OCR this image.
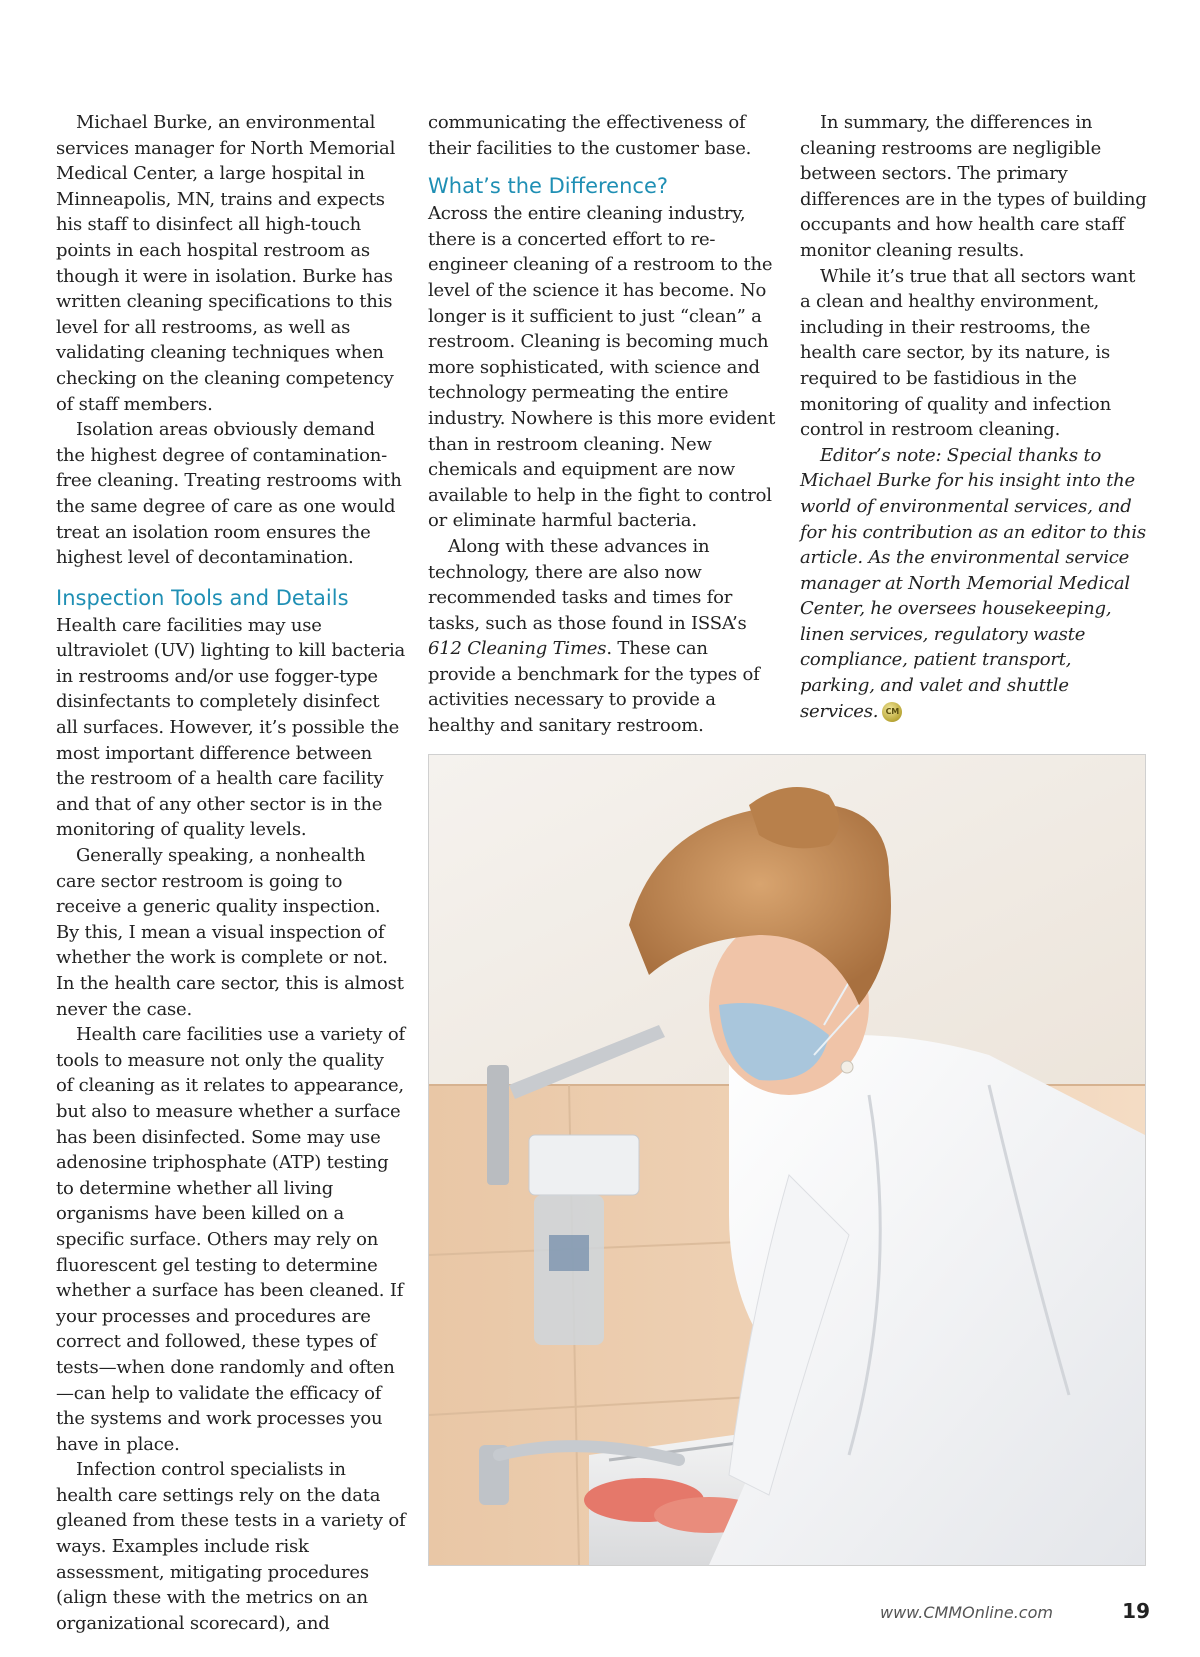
Michael Burke, an environmental services manager for North Memorial Medical Center, a large hospital in Minneapolis, MN, trains and expects his staff to disinfect all high-touch points in each hospital restroom as though it were in isolation. Burke has written cleaning specifications to this level for all restrooms, as well as validating cleaning techniques when checking on the cleaning competency of staff members.

Isolation areas obviously demand the highest degree of contamination-free cleaning. Treating restrooms with the same degree of care as one would treat an isolation room ensures the highest level of decontamination.

Inspection Tools and Details

Health care facilities may use ultraviolet (UV) lighting to kill bacteria in restrooms and/or use fogger-type disinfectants to completely disinfect all surfaces. However, it’s possible the most important difference between the restroom of a health care facility and that of any other sector is in the monitoring of quality levels.

Generally speaking, a nonhealth care sector restroom is going to receive a generic quality inspection. By this, I mean a visual inspection of whether the work is complete or not. In the health care sector, this is almost never the case.

Health care facilities use a variety of tools to measure not only the quality of cleaning as it relates to appearance, but also to measure whether a surface has been disinfected. Some may use adenosine triphosphate (ATP) testing to determine whether all living organisms have been killed on a specific surface. Others may rely on fluorescent gel testing to determine whether a surface has been cleaned. If your processes and procedures are correct and followed, these types of tests—when done randomly and often—can help to validate the efficacy of the systems and work processes you have in place.

Infection control specialists in health care settings rely on the data gleaned from these tests in a variety of ways. Examples include risk assessment, mitigating procedures (align these with the metrics on an organizational scorecard), and

communicating the effectiveness of their facilities to the customer base.

What’s the Difference?

Across the entire cleaning industry, there is a concerted effort to re-engineer cleaning of a restroom to the level of the science it has become. No longer is it sufficient to just “clean” a restroom. Cleaning is becoming much more sophisticated, with science and technology permeating the entire industry. Nowhere is this more evident than in restroom cleaning. New chemicals and equipment are now available to help in the fight to control or eliminate harmful bacteria.

Along with these advances in technology, there are also now recommended tasks and times for tasks, such as those found in ISSA’s 612 Cleaning Times. These can provide a benchmark for the types of activities necessary to provide a healthy and sanitary restroom.

In summary, the differences in cleaning restrooms are negligible between sectors. The primary differences are in the types of building occupants and how health care staff monitor cleaning results.

While it’s true that all sectors want a clean and healthy environment, including in their restrooms, the health care sector, by its nature, is required to be fastidious in the monitoring of quality and infection control in restroom cleaning.

Editor’s note: Special thanks to Michael Burke for his insight into the world of environmental services, and for his contribution as an editor to this article. As the environmental service manager at North Memorial Medical Center, he oversees housekeeping, linen services, regulatory waste compliance, patient transport, parking, and valet and shuttle services. CM

www.CMMOnline.com	19
